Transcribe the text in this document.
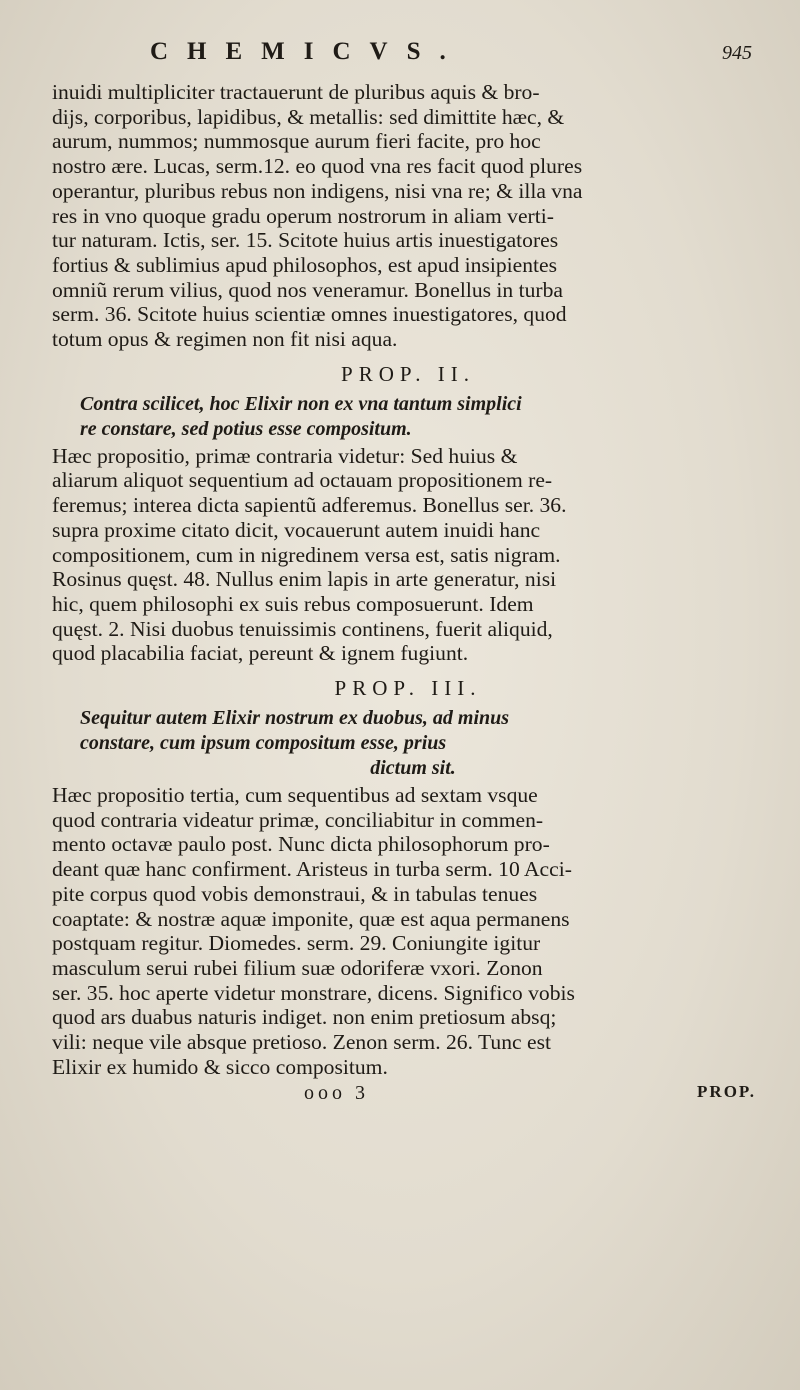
CHEMICVS.	945
inuidi multipliciter tractauerunt de pluribus aquis & bro-
dijs, corporibus, lapidibus, & metallis: sed dimittite hæc, &
aurum, nummos; nummosque aurum fieri facite, pro hoc
nostro ære. Lucas, serm.12. eo quod vna res facit quod plures
operantur, pluribus rebus non indigens, nisi vna re; & illa vna
res in vno quoque gradu operum nostrorum in aliam verti-
tur naturam. Ictis, ser. 15. Scitote huius artis inuestigatores
fortius & sublimius apud philosophos, est apud insipientes
omniũ rerum vilius, quod nos veneramur. Bonellus in turba
serm. 36. Scitote huius scientiæ omnes inuestigatores, quod
totum opus & regimen non fit nisi aqua.
PROP. II.
Contra scilicet, hoc Elixir non ex vna tantum simplici
re constare, sed potius esse compositum.
Hæc propositio, primæ contraria videtur: Sed huius &
aliarum aliquot sequentium ad octauam propositionem re-
feremus; interea dicta sapientũ adferemus. Bonellus ser. 36.
supra proxime citato dicit, vocauerunt autem inuidi hanc
compositionem, cum in nigredinem versa est, satis nigram.
Rosinus quęst. 48. Nullus enim lapis in arte generatur, nisi
hic, quem philosophi ex suis rebus composuerunt. Idem
quęst. 2. Nisi duobus tenuissimis continens, fuerit aliquid,
quod placabilia faciat, pereunt & ignem fugiunt.
PROP. III.
Sequitur autem Elixir nostrum ex duobus, ad minus
constare, cum ipsum compositum esse, prius
dictum sit.
Hæc propositio tertia, cum sequentibus ad sextam vsque
quod contraria videatur primæ, conciliabitur in commen-
mento octavæ paulo post. Nunc dicta philosophorum pro-
deant quæ hanc confirment. Aristeus in turba serm. 10 Acci-
pite corpus quod vobis demonstraui, & in tabulas tenues
coaptate: & nostræ aquæ imponite, quæ est aqua permanens
postquam regitur. Diomedes. serm. 29. Coniungite igitur
masculum serui rubei filium suæ odoriferæ vxori. Zonon
ser. 35. hoc aperte videtur monstrare, dicens. Significo vobis
quod ars duabus naturis indiget. non enim pretiosum absq;
vili: neque vile absque pretioso. Zenon serm. 26. Tunc est
Elixir ex humido & sicco compositum.
ooo 3	PROP.
